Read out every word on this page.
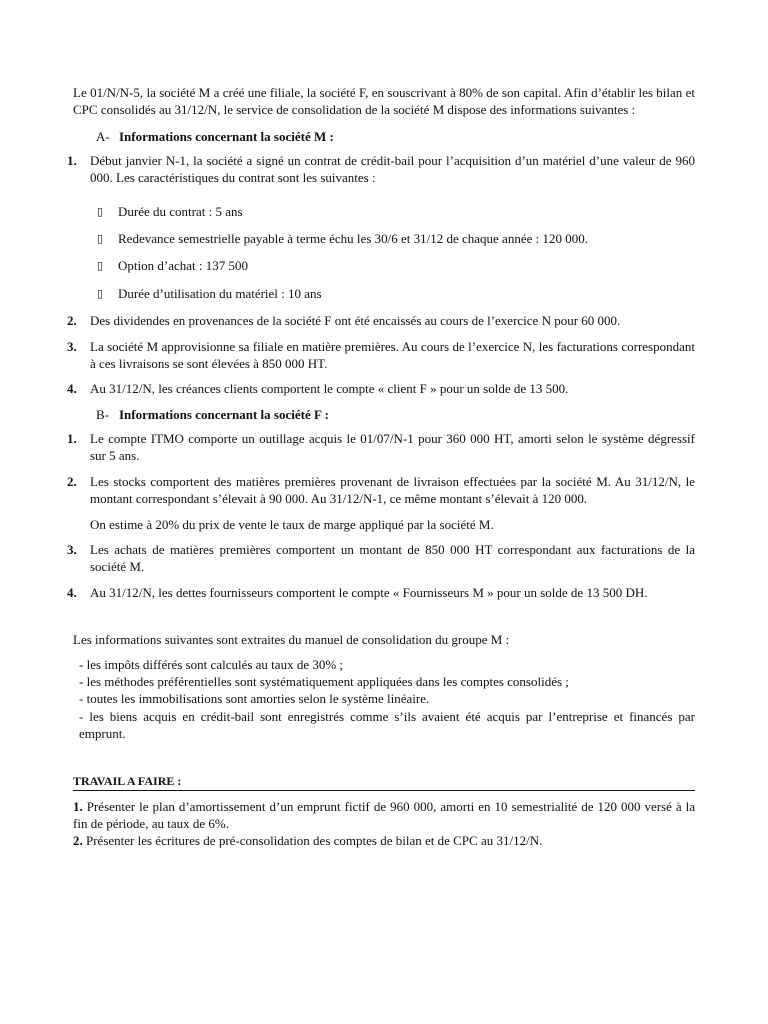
Le 01/N/N-5, la société M a créé une filiale, la société F, en souscrivant à 80% de son capital. Afin d’établir les bilan et CPC consolidés au 31/12/N, le service de consolidation de la société M dispose des informations suivantes :

A- Informations concernant la société M :
1. Début janvier N-1, la société a signé un contrat de crédit-bail pour l’acquisition d’un matériel d’une valeur de 960 000. Les caractéristiques du contrat sont les suivantes :
▯ Durée du contrat : 5 ans
▯ Redevance semestrielle payable à terme échu les 30/6 et 31/12 de chaque année : 120 000.
▯ Option d’achat : 137 500
▯ Durée d’utilisation du matériel : 10 ans
2. Des dividendes en provenances de la société F ont été encaissés au cours de l’exercice N pour 60 000.
3. La société M approvisionne sa filiale en matière premières. Au cours de l’exercice N, les facturations correspondant à ces livraisons se sont élevées à 850 000 HT.
4. Au 31/12/N, les créances clients comportent le compte « client F » pour un solde de 13 500.
B- Informations concernant la société F :
1. Le compte ITMO comporte un outillage acquis le 01/07/N-1 pour 360 000 HT, amorti selon le système dégressif sur 5 ans.
2. Les stocks comportent des matières premières provenant de livraison effectuées par la société M. Au 31/12/N, le montant correspondant s’élevait à 90 000. Au 31/12/N-1, ce même montant s’élevait à 120 000.
On estime à 20% du prix de vente le taux de marge appliqué par la société M.
3. Les achats de matières premières comportent un montant de 850 000 HT correspondant aux facturations de la société M.
4. Au 31/12/N, les dettes fournisseurs comportent le compte « Fournisseurs M » pour un solde de 13 500 DH.

Les informations suivantes sont extraites du manuel de consolidation du groupe M :

- les impôts différés sont calculés au taux de 30% ;
- les méthodes préférentielles sont systématiquement appliquées dans les comptes consolidés ;
- toutes les immobilisations sont amorties selon le système linéaire.
- les biens acquis en crédit-bail sont enregistrés comme s’ils avaient été acquis par l’entreprise et financés par emprunt.
TRAVAIL A FAIRE :
1. Présenter le plan d’amortissement d’un emprunt fictif de 960 000, amorti en 10 semestrialité de 120 000 versé à la fin de période, au taux de 6%.
2. Présenter les écritures de pré-consolidation des comptes de bilan et de CPC au 31/12/N.
